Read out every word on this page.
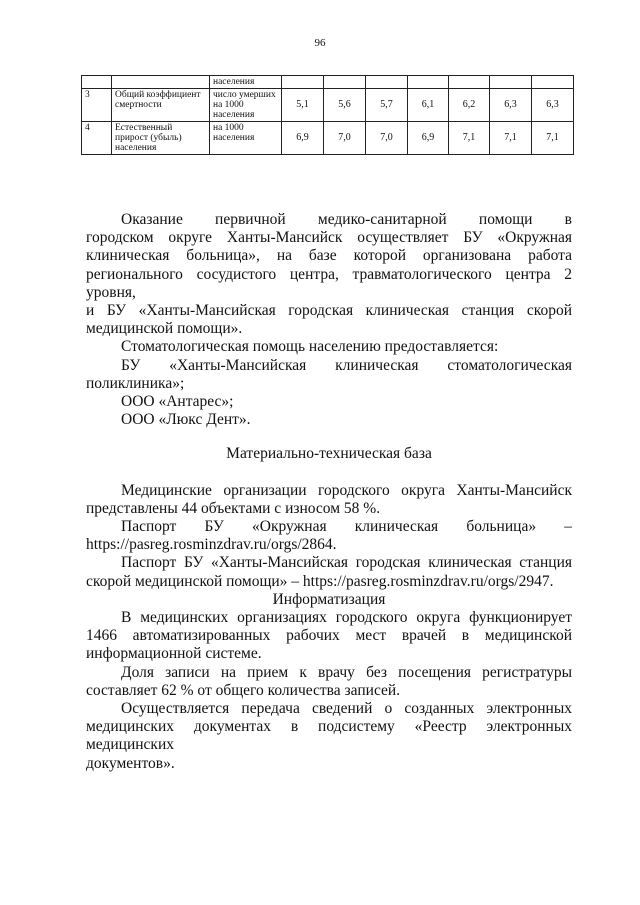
96
		населения							
3	Общий коэффициент смертности	число умерших на 1000 населения	5,1	5,6	5,7	6,1	6,2	6,3	6,3
4	Естественный прирост (убыль) населения	на 1000 населения	6,9	7,0	7,0	6,9	7,1	7,1	7,1

Оказание первичной медико-санитарной помощи в

городском округе Ханты-Мансийск осуществляет БУ «Окружная

клиническая больница», на базе которой организована работа

регионального сосудистого центра, травматологического центра 2 уровня,

и БУ «Ханты-Мансийская городская клиническая станция скорой

медицинской помощи».

Стоматологическая помощь населению предоставляется:

БУ «Ханты-Мансийская клиническая стоматологическая

поликлиника»;

ООО «Антарес»;

ООО «Люкс Дент».

Материально-техническая база

Медицинские организации городского округа Ханты-Мансийск

представлены 44 объектами с износом 58 %.

Паспорт БУ «Окружная клиническая больница» –

https://pasreg.rosminzdrav.ru/orgs/2864.

Паспорт БУ «Ханты-Мансийская городская клиническая станция

скорой медицинской помощи» – https://pasreg.rosminzdrav.ru/orgs/2947.

Информатизация

В медицинских организациях городского округа функционирует

1466 автоматизированных рабочих мест врачей в медицинской

информационной системе.

Доля записи на прием к врачу без посещения регистратуры

составляет 62 % от общего количества записей.

Осуществляется передача сведений о созданных электронных

медицинских документах в подсистему «Реестр электронных медицинских

документов».
